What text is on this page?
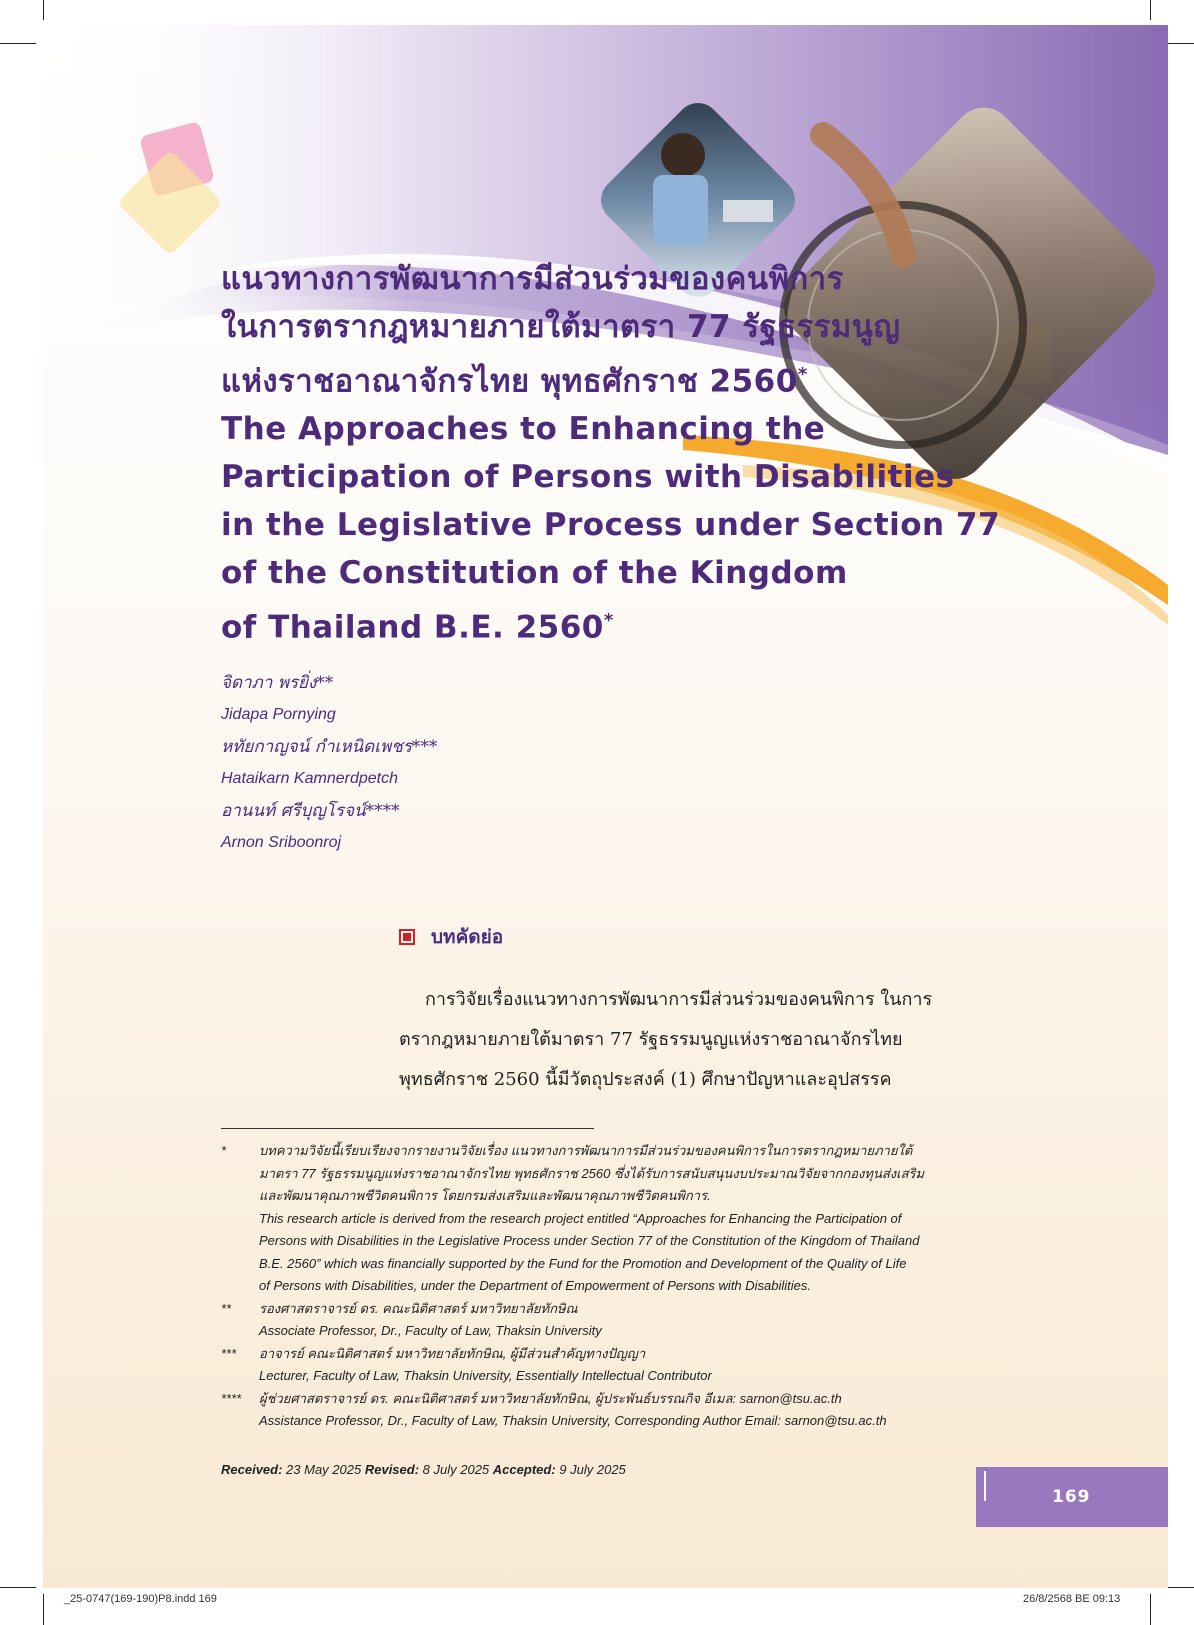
แนวทางการพัฒนาการมีส่วนร่วมของคนพิการ
ในการตรากฎหมายภายใต้มาตรา 77 รัฐธรรมนูญ
แห่งราชอาณาจักรไทย พุทธศักราช 2560*
The Approaches to Enhancing the
Participation of Persons with Disabilities
in the Legislative Process under Section 77
of the Constitution of the Kingdom
of Thailand B.E. 2560*
จิดาภา พรยิ่ง**
Jidapa Pornying
หทัยกาญจน์ กำเหนิดเพชร***
Hataikarn Kamnerdpetch
อานนท์ ศรีบุญโรจน์****
Arnon Sriboonroj
บทคัดย่อ

การวิจัยเรื่องแนวทางการพัฒนาการมีส่วนร่วมของคนพิการ ในการ

ตรากฎหมายภายใต้มาตรา 77 รัฐธรรมนูญแห่งราชอาณาจักรไทย

พุทธศักราช 2560 นี้มีวัตถุประสงค์ (1) ศึกษาปัญหาและอุปสรรค

*	บทความวิจัยนี้เรียบเรียงจากรายงานวิจัยเรื่อง แนวทางการพัฒนาการมีส่วนร่วมของคนพิการในการตรากฎหมายภายใต้
มาตรา 77 รัฐธรรมนูญแห่งราชอาณาจักรไทย พุทธศักราช 2560 ซึ่งได้รับการสนับสนุนงบประมาณวิจัยจากกองทุนส่งเสริม
และพัฒนาคุณภาพชีวิตคนพิการ โดยกรมส่งเสริมและพัฒนาคุณภาพชีวิตคนพิการ.
This research article is derived from the research project entitled “Approaches for Enhancing the Participation of
Persons with Disabilities in the Legislative Process under Section 77 of the Constitution of the Kingdom of Thailand
B.E. 2560” which was financially supported by the Fund for the Promotion and Development of the Quality of Life
of Persons with Disabilities, under the Department of Empowerment of Persons with Disabilities.
**	รองศาสตราจารย์ ดร. คณะนิติศาสตร์ มหาวิทยาลัยทักษิณ
Associate Professor, Dr., Faculty of Law, Thaksin University
***	อาจารย์ คณะนิติศาสตร์ มหาวิทยาลัยทักษิณ, ผู้มีส่วนสำคัญทางปัญญา
Lecturer, Faculty of Law, Thaksin University, Essentially Intellectual Contributor
****	ผู้ช่วยศาสตราจารย์ ดร. คณะนิติศาสตร์ มหาวิทยาลัยทักษิณ, ผู้ประพันธ์บรรณกิจ อีเมล: sarnon@tsu.ac.th
Assistance Professor, Dr., Faculty of Law, Thaksin University, Corresponding Author Email: sarnon@tsu.ac.th
Received: 23 May 2025 Revised: 8 July 2025 Accepted: 9 July 2025
169
_25-0747(169-190)P8.indd 169	26/8/2568 BE 09:13
